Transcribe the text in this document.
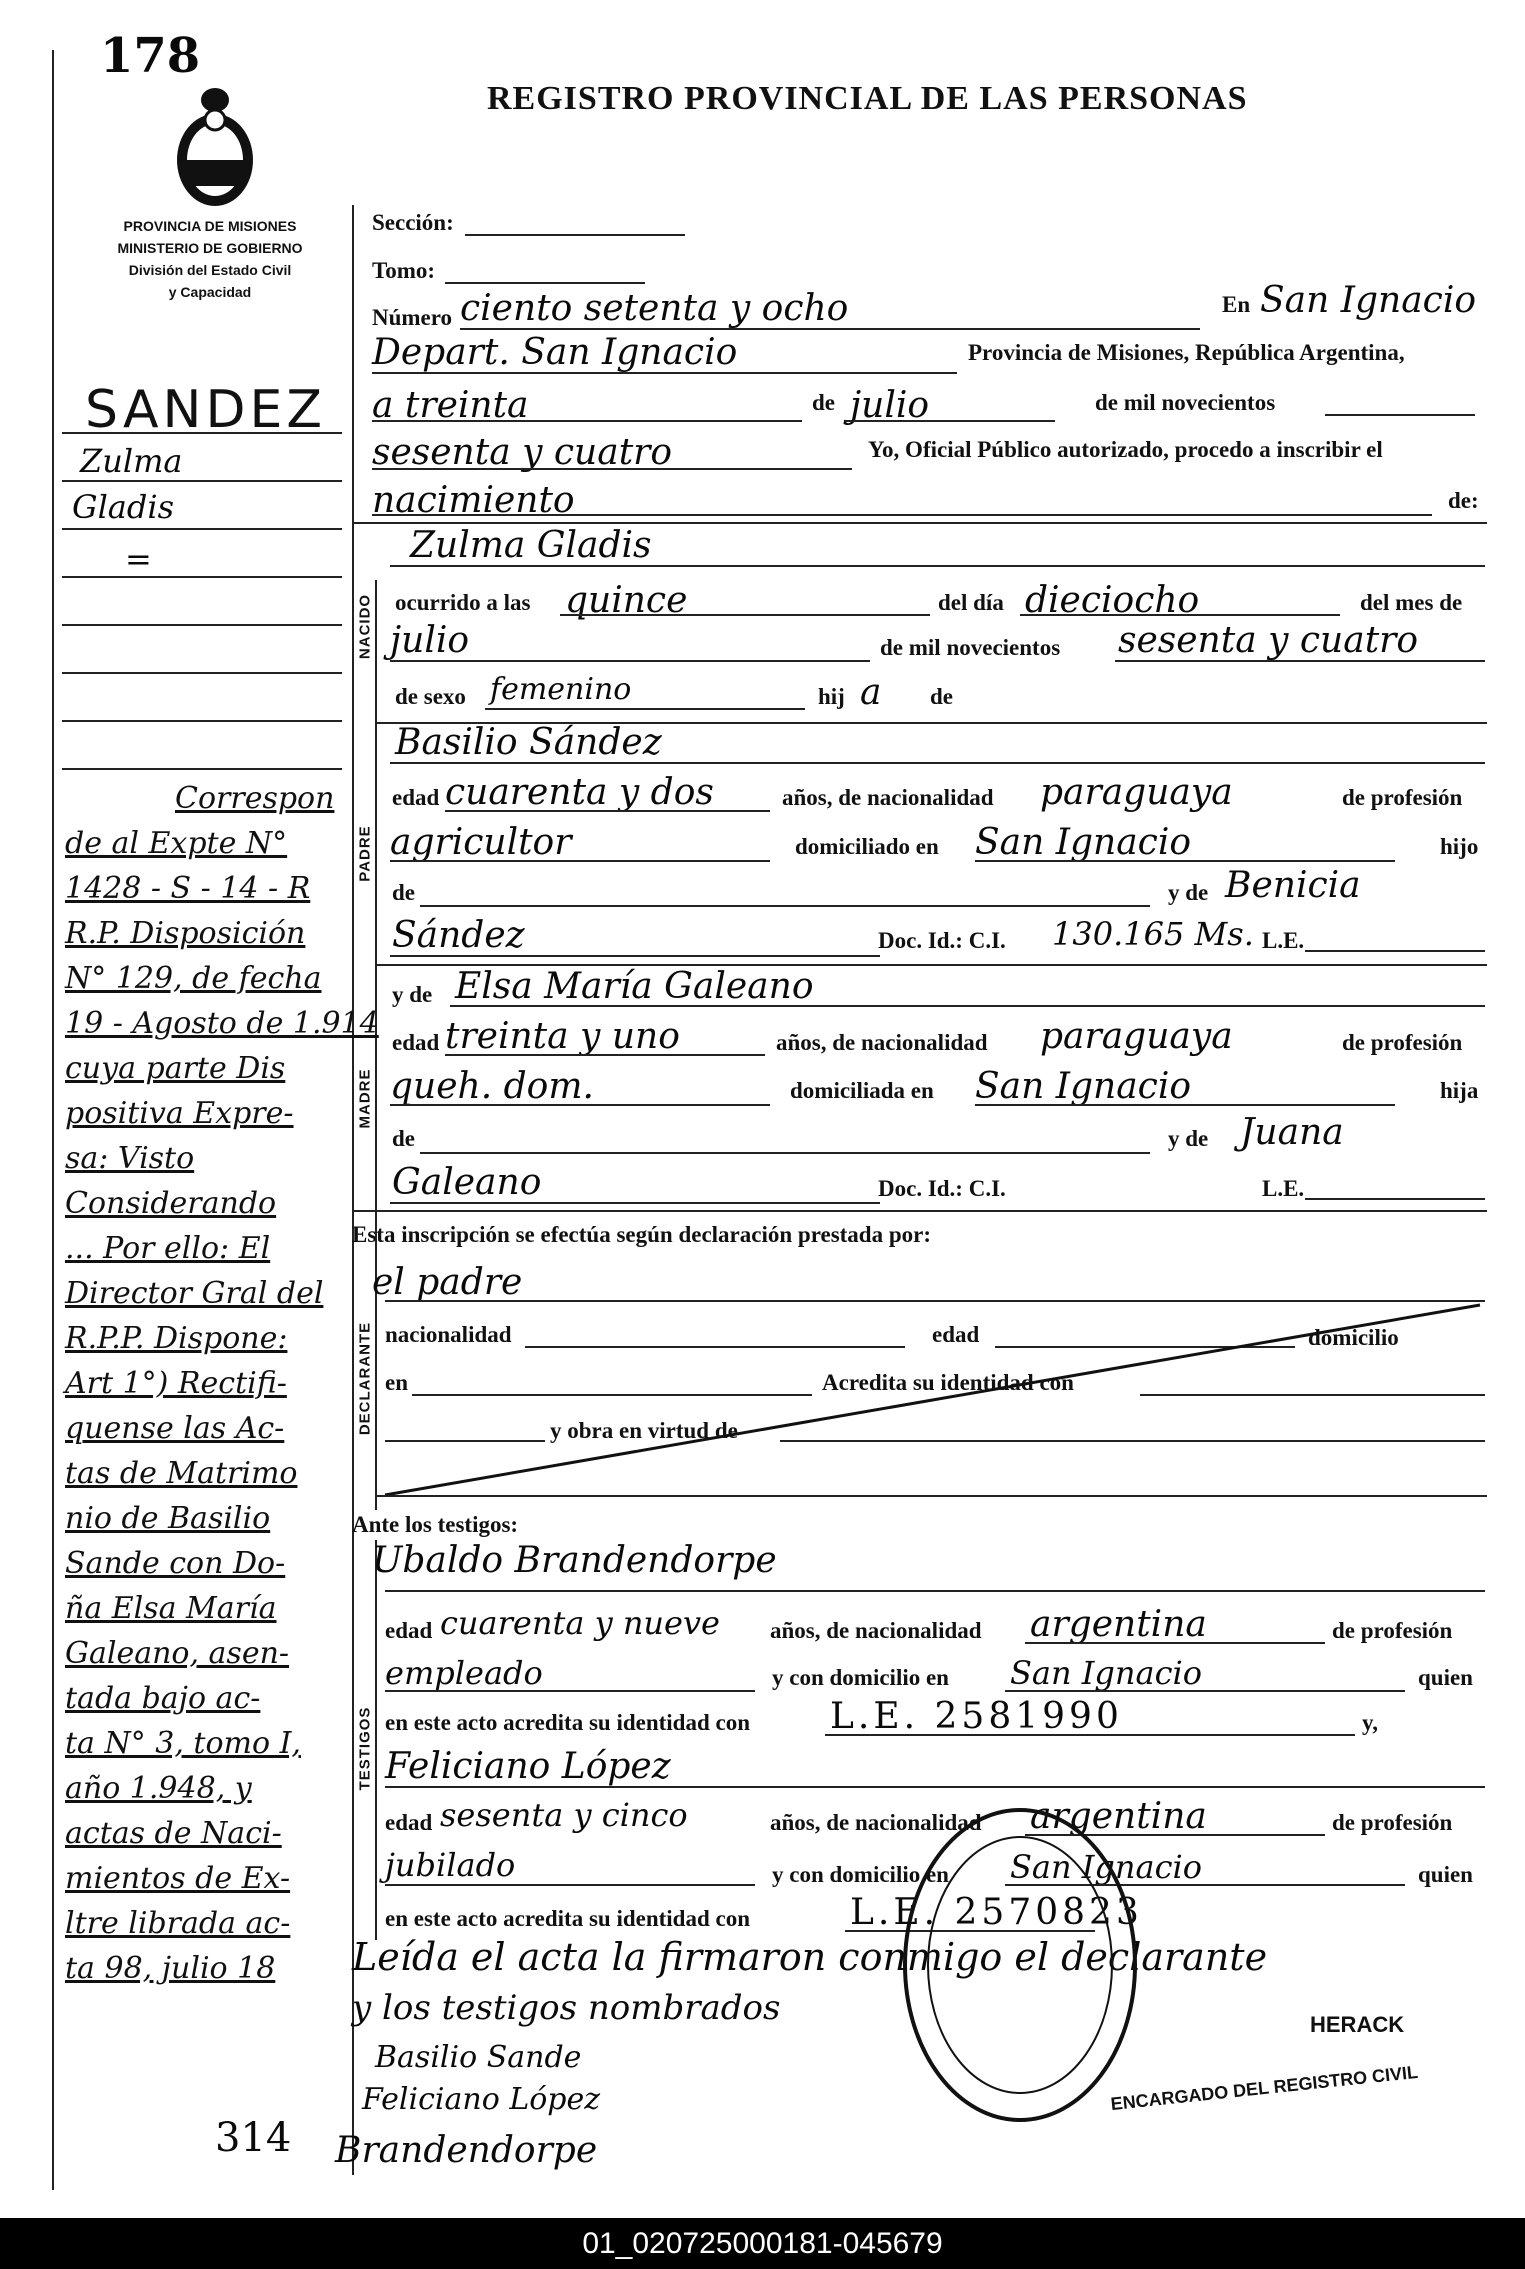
178
REGISTRO PROVINCIAL DE LAS PERSONAS
PROVINCIA DE MISIONES
MINISTERIO DE GOBIERNO
División del Estado Civil
y Capacidad
SANDEZ
Zulma
Gladis
=
Correspon
de al Expte N°
1428 - S - 14 - R
R.P. Disposición
N° 129, de fecha
19 - Agosto de 1.914
cuya parte Dis
positiva Expre-
sa: Visto
Considerando
... Por ello: El
Director Gral del
R.P.P. Dispone:
Art 1°) Rectifi-
quense las Ac-
tas de Matrimo
nio de Basilio
Sande con Do-
ña Elsa María
Galeano, asen-
tada bajo ac-
ta N° 3, tomo I,
año 1.948, y
actas de Naci-
mientos de Ex-
ltre librada ac-
ta 98, julio 18
314
Sección:
Tomo:
Número ciento setenta y ocho	En San Ignacio
Depart. San Ignacio	Provincia de Misiones, República Argentina,
a treinta	de julio	de mil novecientos
sesenta y cuatro	Yo, Oficial Público autorizado, procedo a inscribir el
nacimiento	de:
NACIDO
Zulma Gladis
ocurrido a las quince	del día dieciocho	del mes de
julio	de mil novecientos sesenta y cuatro
de sexo femenino	hij a de
PADRE
Basilio Sández
edad cuarenta y dos	años, de nacionalidad paraguaya	de profesión
agricultor	domiciliado en San Ignacio	hijo
de	y de Benicia
Sández	Doc. Id.: C.I. 130.165 Ms. L.E.
MADRE
y de Elsa María Galeano
edad treinta y uno	años, de nacionalidad paraguaya	de profesión
queh. dom.	domiciliada en San Ignacio	hija
de	y de Juana
Galeano	Doc. Id.: C.I.	L.E.
Esta inscripción se efectúa según declaración prestada por:
DECLARANTE
el padre
nacionalidad	edad	domicilio
en	Acredita su identidad con
y obra en virtud de
Ante los testigos:
TESTIGOS
Ubaldo Brandendorpe
edad cuarenta y nueve años, de nacionalidad argentina	de profesión
empleado	y con domicilio en San Ignacio	quien
en este acto acredita su identidad con L.E. 2581990	y,
Feliciano López
edad sesenta y cinco	años, de nacionalidad argentina	de profesión
jubilado	y con domicilio en San Ignacio	quien
en este acto acredita su identidad con	L.E. 2570823
Leída el acta la firmaron conmigo el declarante
y los testigos nombrados
Basilio Sande
Feliciano López
Brandendorpe
HERACK
ENCARGADO DEL REGISTRO CIVIL
01_020725000181-045679
